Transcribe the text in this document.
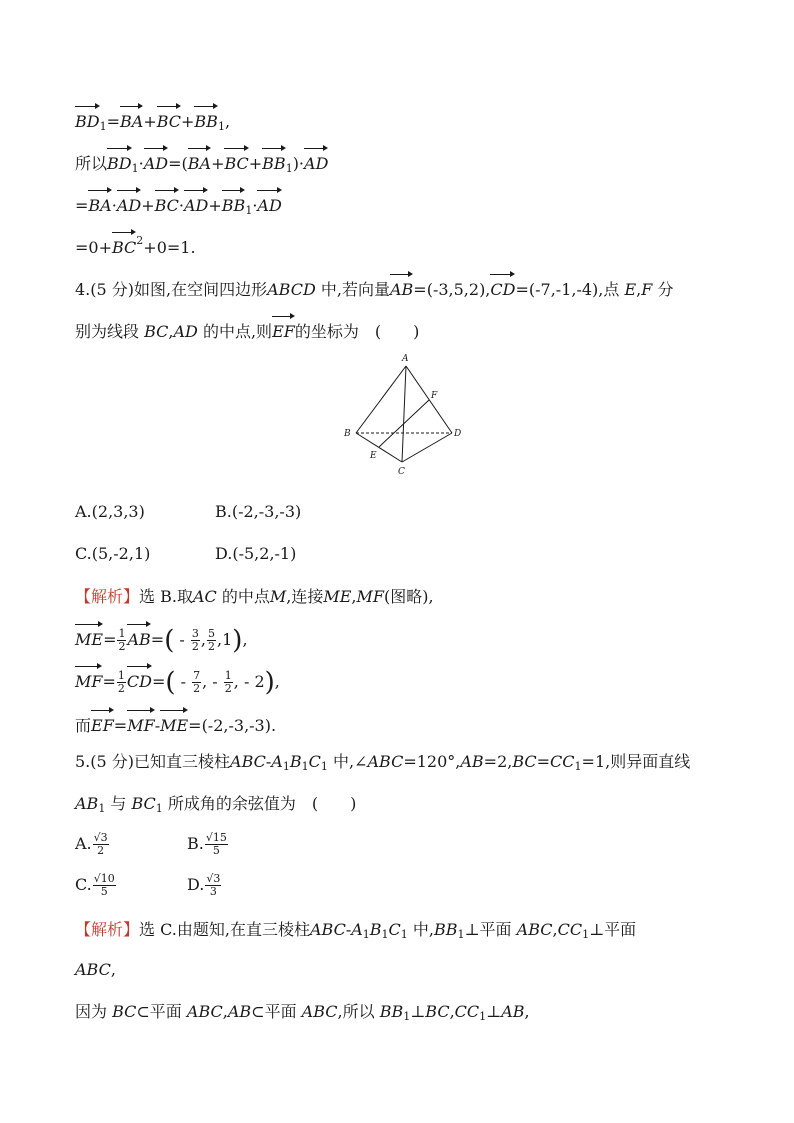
$BD_1=BA+BC+BB_1$,
所以$BD_1\cdot AD=(BA+BC+BB_1)\cdot AD$
$=BA\cdot AD+BC\cdot AD+BB_1\cdot AD$
$=0+BC^2+0=1$.
4.(5 分)如图,在空间四边形ABCD 中,若向量AB=(-3,5,2),CD=(-7,-1,-4),点 E,F 分
别为线段 BC,AD 的中点,则EF的坐标为　(　　)
A
B
C
D
E
F
A.(2,3,3)	B.(-2,-3,-3)
C.(5,-2,1)	D.(-5,2,-1)
【解析】选 B.取AC 的中点M,连接ME,MF(图略),
$ME= \frac{1}{2} AB=( - \frac{3}{2}$ , $\frac{5}{2} ,1$),
$MF= \frac{1}{2} CD=( - \frac{7}{2}$ , - $\frac{1}{2}$ , - 2),
而EF=MF-ME=(-2,-3,-3).
5.(5 分)已知直三棱柱ABC-$A_1B_1C_1$ 中$,\angle ABC=120^\circ,AB=2,BC=CC_1=1$,则异面直线
$AB_1$ 与 $BC_1$ 所成角的余弦值为　(　　)
A. $\frac{√3}{2}$	B. $\frac{√15}{5}$
C. $\frac{√10}{5}$	D. $\frac{√3}{3}$
【解析】选 C.由题知,在直三棱柱ABC-$A_1B_1C_1$ 中$,BB_1\perp$平面 $ABC,CC_1\perp$平面
ABC,
因为 BC⊂平面 ABC,AB⊂平面 ABC,所以 $BB_1\perp BC,CC_1\perp AB$,
